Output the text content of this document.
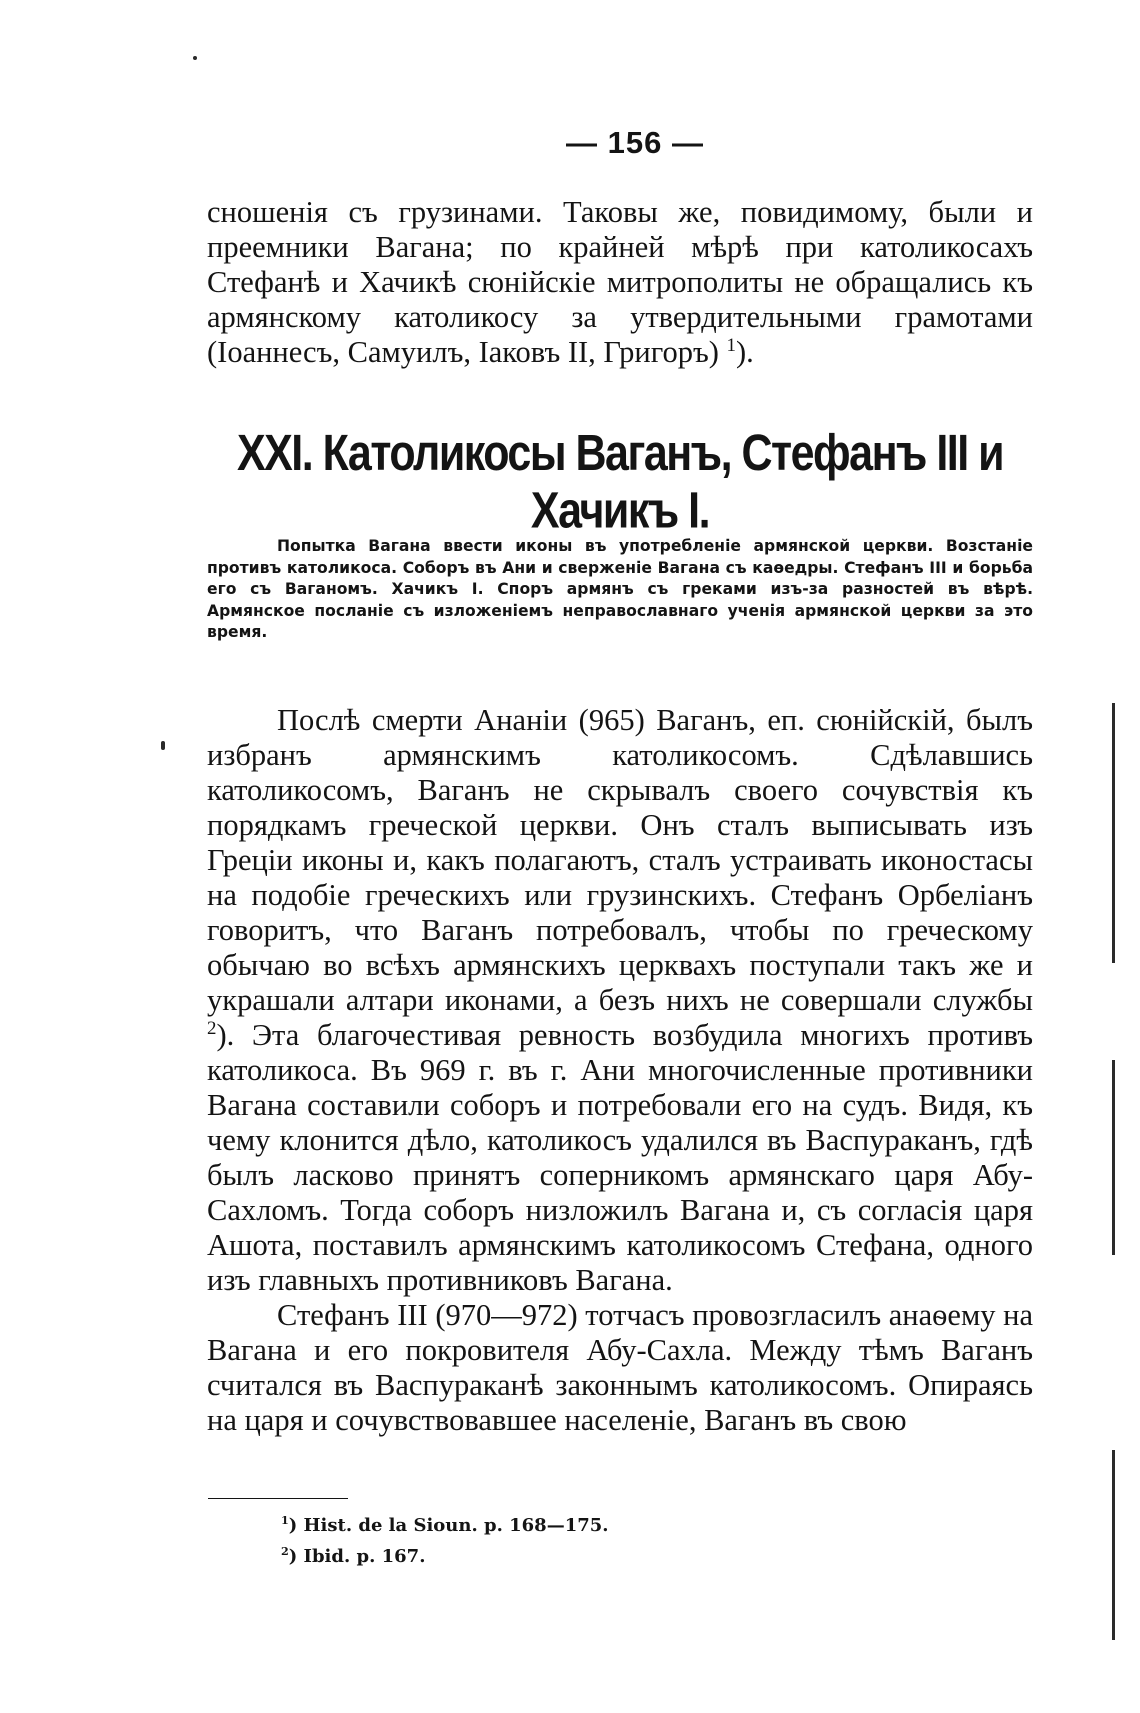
— 156 —

сношенія съ грузинами. Таковы же, повидимому, были и преемники Вагана; по крайней мѣрѣ при католикосахъ Стефанѣ и Хачикѣ сюнійскіе митрополиты не обращались къ армянскому католикосу за утвердительными грамотами (Іоаннесъ, Самуилъ, Іаковъ II, Григоръ) $^1$).

XXI. Католикосы Ваганъ, Стефанъ III и Хачикъ I.

Попытка Вагана ввести иконы въ употребленіе армянской церкви. Возстаніе противъ католикоса. Соборъ въ Ани и сверженіе Вагана съ каѳедры. Стефанъ III и борьба его съ Ваганомъ. Хачикъ I. Споръ армянъ съ греками изъ-за разностей въ вѣрѣ. Армянское посланіе съ изложеніемъ неправославнаго ученія армянской церкви за это время.

Послѣ смерти Ананіи (965) Ваганъ, еп. сюнійскій, былъ избранъ армянскимъ католикосомъ. Сдѣлавшись католикосомъ, Ваганъ не скрывалъ своего сочувствія къ порядкамъ греческой церкви. Онъ сталъ выписывать изъ Греціи иконы и, какъ полагаютъ, сталъ устраивать иконостасы на подобіе греческихъ или грузинскихъ. Стефанъ Орбеліанъ говоритъ, что Ваганъ потребовалъ, чтобы по греческому обычаю во всѣхъ армянскихъ церквахъ поступали такъ же и украшали алтари иконами, а безъ нихъ не совершали службы $^2$). Эта благочестивая ревность возбудила многихъ противъ католикоса. Въ 969 г. въ г. Ани многочисленные противники Вагана составили соборъ и потребовали его на судъ. Видя, къ чему клонится дѣло, католикосъ удалился въ Васпураканъ, гдѣ былъ ласково принятъ соперникомъ армянскаго царя Абу-Сахломъ. Тогда соборъ низложилъ Вагана и, съ согласія царя Ашота, поставилъ армянскимъ католикосомъ Стефана, одного изъ главныхъ противниковъ Вагана.

Стефанъ III (970—972) тотчасъ провозгласилъ анаѳему на Вагана и его покровителя Абу-Сахла. Между тѣмъ Ваганъ считался въ Васпураканѣ законнымъ католикосомъ. Опираясь на царя и сочувствовавшее населеніе, Ваганъ въ свою

$^1$) Hist. de la Sioun. p. 168—175.

$^2$) Ibid. p. 167.
